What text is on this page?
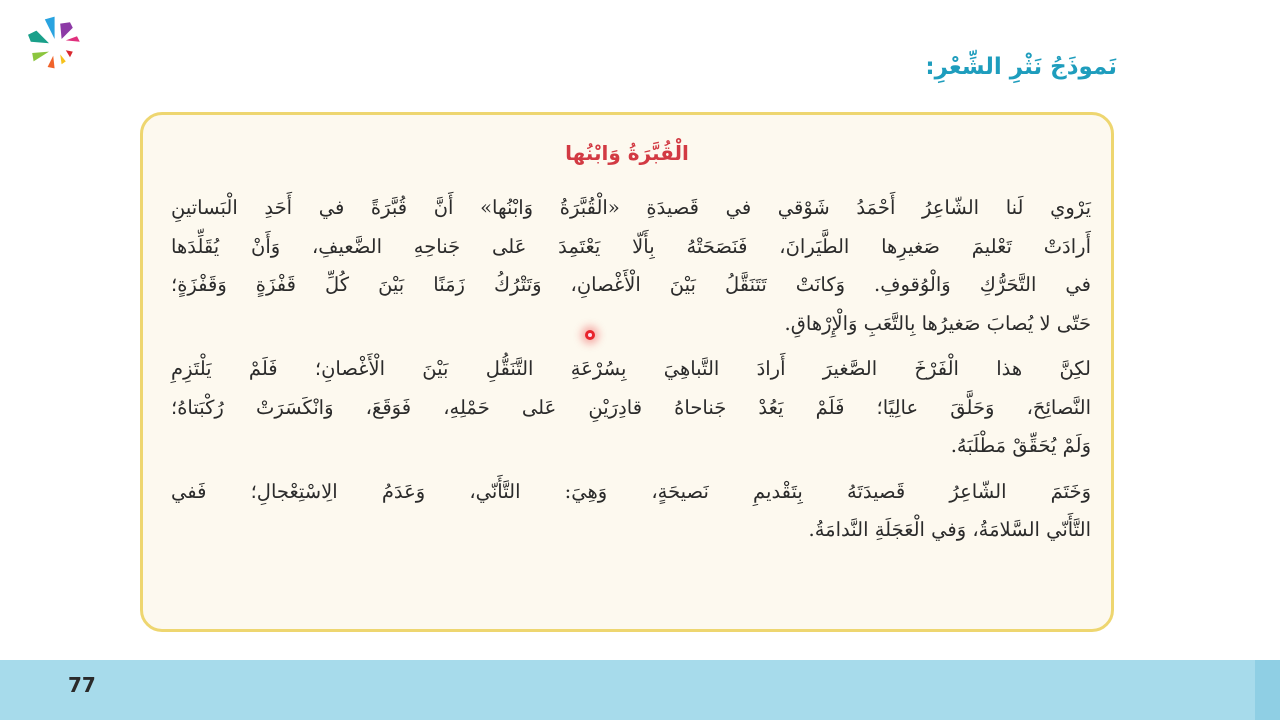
نَموذَجُ نَثْرِ الشِّعْرِ:
الْقُبَّرَةُ وَابْنُها
يَرْوي لَنا الشّاعِرُ أَحْمَدُ شَوْقي في قَصيدَةِ «الْقُبَّرَةُ وَابْنُها» أَنَّ قُبَّرَةً في أَحَدِ الْبَساتينِ
أَرادَتْ تَعْليمَ صَغيرِها الطَّيَرانَ، فَنَصَحَتْهُ بِأَلّا يَعْتَمِدَ عَلى جَناحِهِ الضَّعيفِ، وَأَنْ يُقَلِّدَها
في التَّحَرُّكِ وَالْوُقوفِ. وَكانَتْ تَتَنَقَّلُ بَيْنَ الْأَغْصانِ، وَتَتْرُكُ زَمَنًا بَيْنَ كُلِّ قَفْزَةٍ وَقَفْزَةٍ؛
حَتّى لا يُصابَ صَغيرُها بِالتَّعَبِ وَالْإِرْهاقِ.
لكِنَّ هذا الْفَرْخَ الصَّغيرَ أَرادَ التَّباهِيَ بِسُرْعَةِ التَّنَقُّلِ بَيْنَ الْأَغْصانِ؛ فَلَمْ يَلْتَزِمِ
النَّصائِحَ، وَحَلَّقَ عالِيًا؛ فَلَمْ يَعُدْ جَناحاهُ قادِرَيْنِ عَلى حَمْلِهِ، فَوَقَعَ، وَانْكَسَرَتْ رُكْبَتاهُ؛
وَلَمْ يُحَقِّقْ مَطْلَبَهُ.
وَخَتَمَ الشّاعِرُ قَصيدَتَهُ بِتَقْديمِ نَصيحَةٍ، وَهِيَ: التَّأَنّي، وَعَدَمُ الِاسْتِعْجالِ؛ فَفي
التَّأَنّي السَّلامَةُ، وَفي الْعَجَلَةِ النَّدامَةُ.
77
